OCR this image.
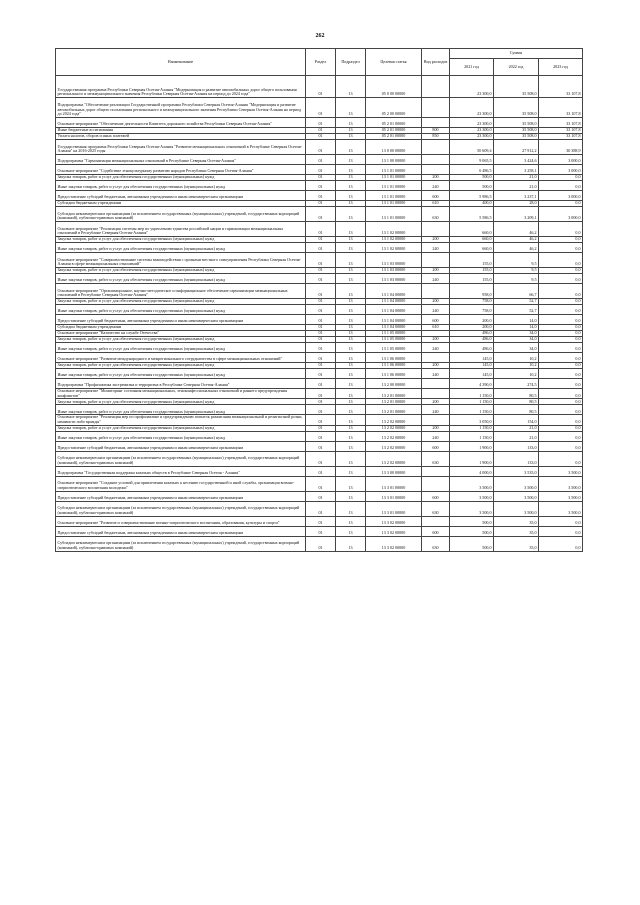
262
Наименование	Раздел	Подраздел	Целевая статья	Вид расходов	Суммы		
					2021 год	2022 год	2023 год
Государственная программа Республики Северная Осетия-Алания "Модернизация и развитие автомобильных дорог общего пользования регионального и межмуниципального значения Республики Северная Осетия-Алания на период до 2024 года"	01	13	05 0 00 00000		23 300,0	35 508,0	33 107,8
Подпрограмма "Обеспечение реализации Государственной программы Республики Северная Осетия-Алания "Модернизация и развитие автомобильных дорог общего пользования регионального и межмуниципального значения Республики Северная Осетия-Алания на период до 2024 года"	01	13	05 2 00 00000		23 300,0	35 508,0	33 107,8
Основное мероприятие "Обеспечение деятельности Комитета дорожного хозяйства Республики Северная Осетия-Алания"	01	13	05 2 01 00000		23 300,0	35 508,0	33 107,8
Иные бюджетные ассигнования	01	13	05 2 01 00000	800	23 300,0	35 508,0	33 107,8
Уплата налогов, сборов и иных платежей	01	13	05 2 01 00000	850	23 300,0	35 508,0	33 107,8
Государственная программа Республики Северная Осетия-Алания "Развитие межнациональных отношений в Республике Северная Осетия-Алания" на 2016-2025 годы	01	13	13 0 00 00000		50 609,4	27 912,2	30 388,9
Подпрограмма "Гармонизация межнациональных отношений в Республике Северная Осетия-Алания"	01	13	13 1 00 00000		9 065,5	3 424,6	3 000,0
Основное мероприятие "Содействие этнокультурному развитию народов Республики Северная Осетия-Алания"	01	13	13 1 01 00000		6 486,5	3 258,1	3 000,0
Закупка товаров, работ и услуг для обеспечения государственных (муниципальных) нужд	01	13	13 1 01 00000	200	500,0	21,0	0,0
Иные закупки товаров, работ и услуг для обеспечения государственных (муниципальных) нужд	01	13	13 1 01 00000	240	500,0	21,0	0,0
Предоставление субсидий бюджетным, автономным учреждениям и иным некоммерческим организациям	01	13	13 1 01 00000	600	5 986,5	3 237,1	3 000,0
Субсидии бюджетным учреждениям	01	13	13 1 01 00000	610	400,0	28,0	0,0
Субсидии некоммерческим организациям (за исключением государственных (муниципальных) учреждений, государственных корпораций (компаний), публично-правовых компаний)	01	13	13 1 01 00000	630	5 586,5	3 209,1	3 000,0
Основное мероприятие "Реализация системы мер по укреплению единства российской нации и гармонизации межнациональных отношений в Республике Северная Осетия-Алания"	01	13	13 1 02 00000		660,0	46,2	0,0
Закупка товаров, работ и услуг для обеспечения государственных (муниципальных) нужд	01	13	13 1 02 00000	200	660,0	46,2	0,0
Иные закупки товаров, работ и услуг для обеспечения государственных (муниципальных) нужд	01	13	13 1 02 00000	240	660,0	46,2	0,0
Основное мероприятие "Совершенствование системы взаимодействия с органами местного самоуправления Республики Северная Осетия-Алания в сфере межнациональных отношений"	01	13	13 1 03 00000		155,0	9,5	0,0
Закупка товаров, работ и услуг для обеспечения государственных (муниципальных) нужд	01	13	13 1 03 00000	200	155,0	9,5	0,0
Иные закупки товаров, работ и услуг для обеспечения государственных (муниципальных) нужд	01	13	13 1 03 00000	240	155,0	9,5	0,0
Основное мероприятие "Организационное, научно-методическое и информационное обеспечение гармонизации межнациональных отношений в Республике Северная Осетия-Алания"	01	13	13 1 04 00000		958,0	66,7	0,0
Закупка товаров, работ и услуг для обеспечения государственных (муниципальных) нужд	01	13	13 1 04 00000	200	758,0	52,7	0,0
Иные закупки товаров, работ и услуг для обеспечения государственных (муниципальных) нужд	01	13	13 1 04 00000	240	758,0	52,7	0,0
Предоставление субсидий бюджетным, автономным учреждениям и иным некоммерческим организациям	01	13	13 1 04 00000	600	200,0	14,0	0,0
Субсидии бюджетным учреждениям	01	13	13 1 04 00000	610	200,0	14,0	0,0
Основное мероприятие "Казачество на службе Отечества"	01	13	13 1 05 00000		486,0	34,0	0,0
Закупка товаров, работ и услуг для обеспечения государственных (муниципальных) нужд	01	13	13 1 05 00000	200	486,0	34,0	0,0
Иные закупки товаров, работ и услуг для обеспечения государственных (муниципальных) нужд	01	13	13 1 05 00000	240	486,0	34,0	0,0
Основное мероприятие "Развитие международного и межрегионального сотрудничества в сфере межнациональных отношений"	01	13	13 1 06 00000		145,0	10,2	0,0
Закупка товаров, работ и услуг для обеспечения государственных (муниципальных) нужд	01	13	13 1 06 00000	200	145,0	10,2	0,0
Иные закупки товаров, работ и услуг для обеспечения государственных (муниципальных) нужд	01	13	13 1 06 00000	240	145,0	10,2	0,0
Подпрограмма "Профилактика экстремизма и терроризма в Республике Северная Осетия-Алания"	01	13	13 2 00 00000		4 390,0	274,5	0,0
Основное мероприятие "Мониторинг состояния межнациональных, этноконфессиональных отношений и раннего предупреждения конфликтов"	01	13	13 2 01 00000		1 150,0	80,5	0,0
Закупка товаров, работ и услуг для обеспечения государственных (муниципальных) нужд	01	13	13 2 01 00000	200	1 150,0	80,5	0,0
Иные закупки товаров, работ и услуг для обеспечения государственных (муниципальных) нужд	01	13	13 2 01 00000	240	1 150,0	80,5	0,0
Основное мероприятие "Реализация мер по профилактике и предупреждению попыток разжигания межнациональной и религиозной розни, ненависти либо вражды"	01	13	13 2 02 00000		3 050,0	154,0	0,0
Закупка товаров, работ и услуг для обеспечения государственных (муниципальных) нужд	01	13	13 2 02 00000	200	1 150,0	21,0	0,0
Иные закупки товаров, работ и услуг для обеспечения государственных (муниципальных) нужд	01	13	13 2 02 00000	240	1 150,0	21,0	0,0
Предоставление субсидий бюджетным, автономным учреждениям и иным некоммерческим организациям	01	13	13 2 02 00000	600	1 900,0	133,0	0,0
Субсидии некоммерческим организациям (за исключением государственных (муниципальных) учреждений, государственных корпораций (компаний), публично-правовых компаний)	01	13	13 2 02 00000	630	1 900,0	133,0	0,0
Подпрограмма "Государственная поддержка казачьих обществ в Республике Северная Осетия - Алания"	01	13	13 3 00 00000		4 000,0	3 535,0	3 500,0
Основное мероприятие "Создание условий для привлечения казачьих к несению государственной и иной службы, организация военно-патриотического воспитания молодежи"	01	13	13 3 01 00000		3 500,0	3 500,0	3 500,0
Предоставление субсидий бюджетным, автономным учреждениям и иным некоммерческим организациям	01	13	13 3 01 00000	600	3 500,0	3 500,0	3 500,0
Субсидии некоммерческим организациям (за исключением государственных (муниципальных) учреждений, государственных корпораций (компаний), публично-правовых компаний)	01	13	13 3 01 00000	630	3 500,0	3 500,0	3 500,0
Основное мероприятие "Развитие и совершенствование военно-патриотического воспитания, образования, культуры и спорта"	01	13	13 3 02 00000		500,0	35,0	0,0
Предоставление субсидий бюджетным, автономным учреждениям и иным некоммерческим организациям	01	13	13 3 02 00000	600	500,0	35,0	0,0
Субсидии некоммерческим организациям (за исключением государственных (муниципальных) учреждений, государственных корпораций (компаний), публично-правовых компаний)	01	13	13 3 02 00000	630	500,0	35,0	0,0
